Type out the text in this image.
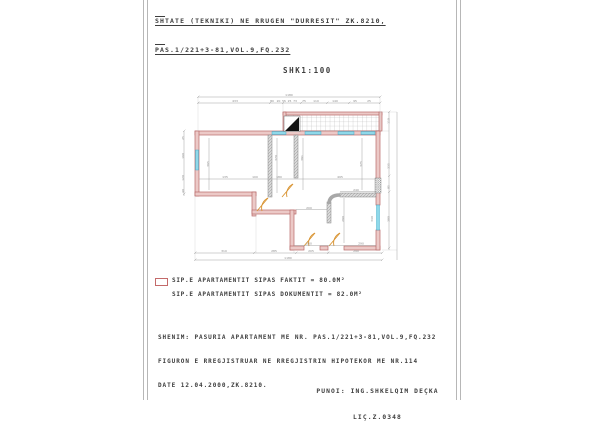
SHTATE (TEKNIKI) NE RRUGEN "DURRESIT" ZK.8210,

PAS.1/221+3-81,VOL.9,FQ.232

SHK1:100
1180
433	80 20 55 25 73 75 110	140	95	25
310	285	205	290
1180
110
335
85
380
135	100	180	495
365
370	391
375
240
200
290	340
200	290
25
160
120
40
SIP.E APARTAMENTIT SIPAS FAKTIT = 80.0M²
SIP.E APARTAMENTIT SIPAS DOKUMENTIT = 82.0M²

SHENIM: PASURIA APARTAMENT ME NR. PAS.1/221+3-81,VOL.9,FQ.232

FIGURON E RREGJISTRUAR NE RREGJISTRIN HIPOTEKOR ME NR.114

DATE 12.04.2000,ZK.8210.

PUNOI: ING.SHKELQIM DEÇKA

LIÇ.Z.0348
